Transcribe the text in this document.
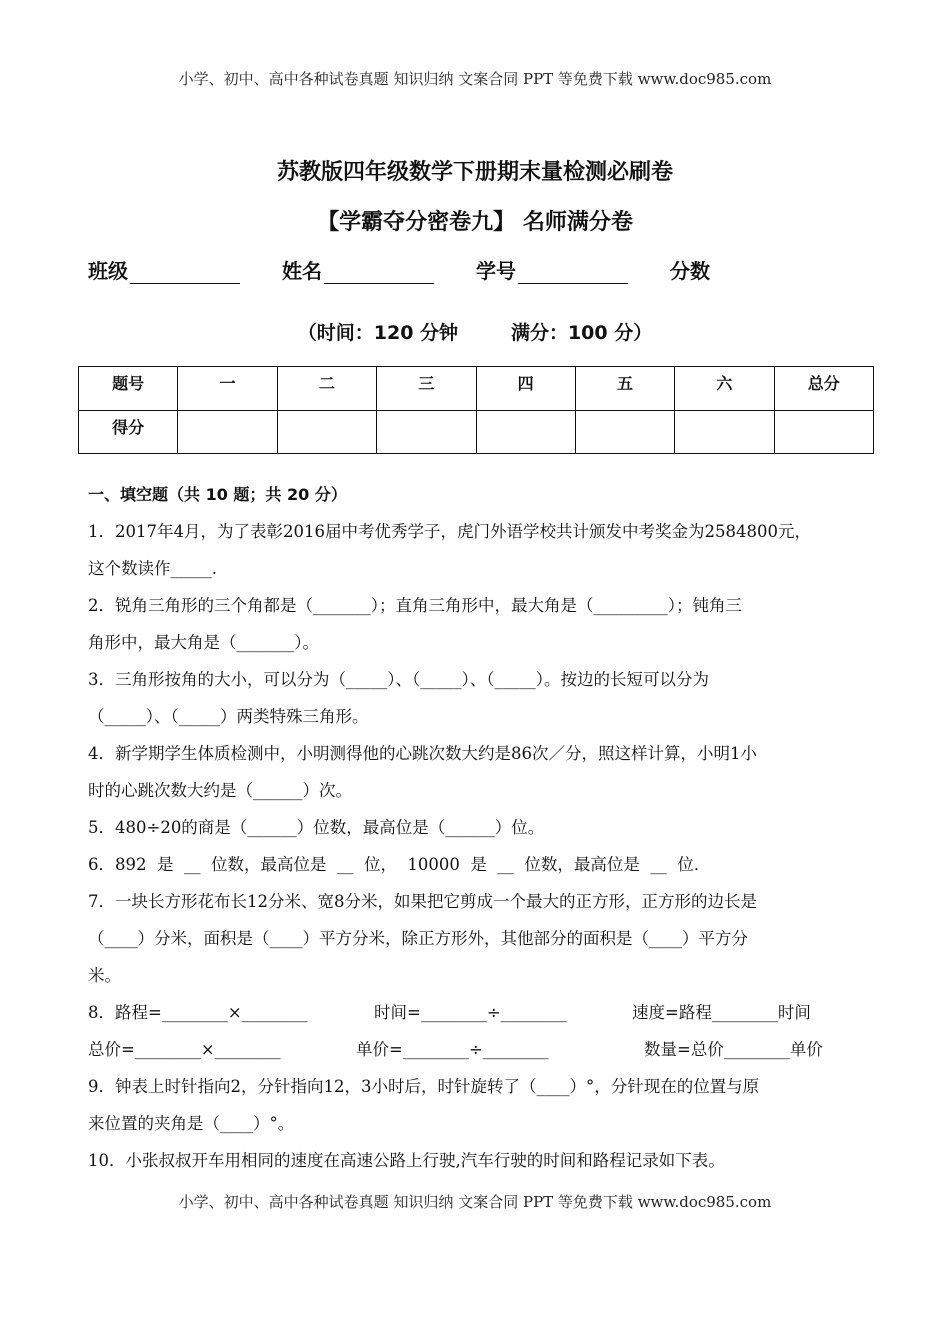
小学、初中、高中各种试卷真题 知识归纳 文案合同 PPT 等免费下载 www.doc985.com
苏教版四年级数学下册期末量检测必刷卷
【学霸夺分密卷九】 名师满分卷
班级	姓名	学号	分数
（时间：120 分钟        满分：100 分）
题号	一	二	三	四	五	六	总分
得分							
一、填空题（共 10 题；共 20 分）

1．2017年4月，为了表彰2016届中考优秀学子，虎门外语学校共计颁发中考奖金为2584800元，

这个数读作_____.

2．锐角三角形的三个角都是（_______）；直角三角形中，最大角是（_________）；钝角三

角形中，最大角是（_______）。

3．三角形按角的大小，可以分为（_____）、（_____）、（_____）。按边的长短可以分为

（_____）、（_____）两类特殊三角形。

4．新学期学生体质检测中，小明测得他的心跳次数大约是86次／分，照这样计算，小明1小

时的心跳次数大约是（______）次。

5．480÷20的商是（______）位数，最高位是（______）位。

6．892  是  __  位数，最高位是  __  位，  10000  是  __  位数，最高位是  __  位．

7．一块长方形花布长12分米、宽8分米，如果把它剪成一个最大的正方形，正方形的边长是

（____）分米，面积是（____）平方分米，除正方形外，其他部分的面积是（____）平方分

米。

8．路程=________×________	时间=________÷________	速度=路程________时间
总价=________×________	单价=________÷________	数量=总价________单价

9．钟表上时针指向2，分针指向12，3小时后，时针旋转了（____）°，分针现在的位置与原

来位置的夹角是（____）°。

10．小张叔叔开车用相同的速度在高速公路上行驶,汽车行驶的时间和路程记录如下表。

小学、初中、高中各种试卷真题 知识归纳 文案合同 PPT 等免费下载 www.doc985.com
